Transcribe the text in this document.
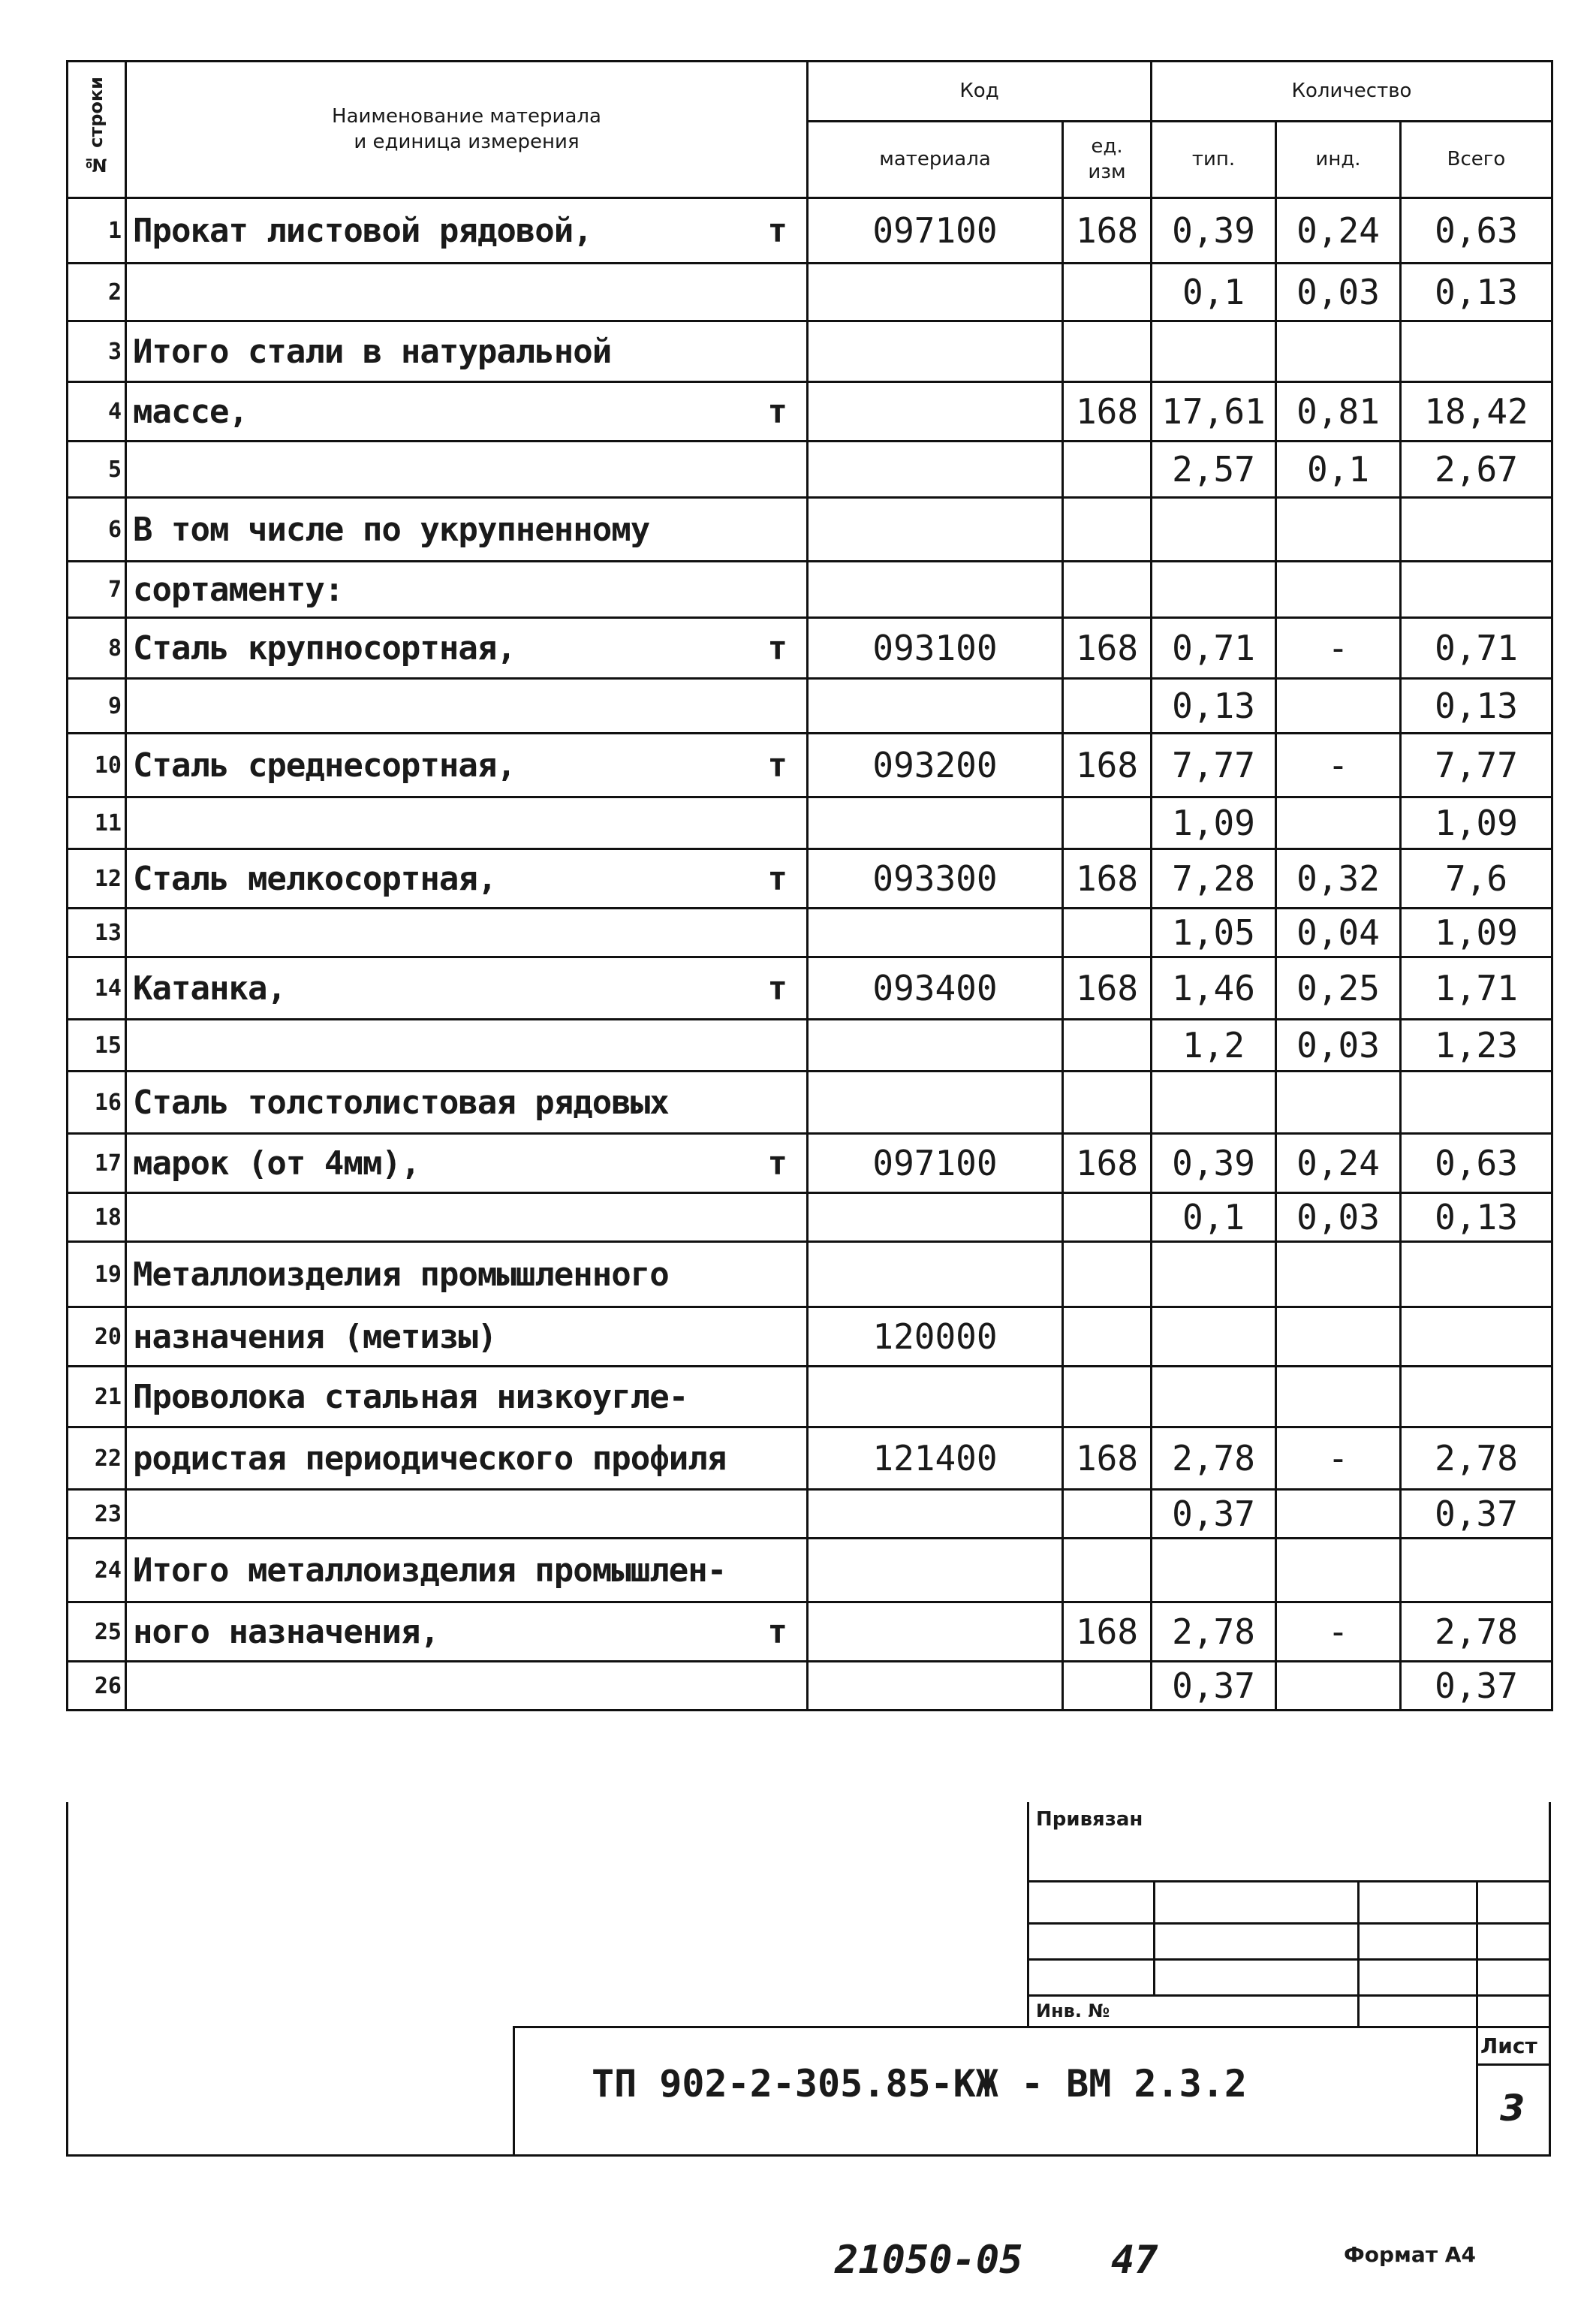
№ строки	Наименование материала
и единица измерения	Код		Количество		
		материала	ед. изм	тип.	инд.	Всего
1	Прокат листовой рядовой, т	097100	168	0,39	0,24	0,63
2				0,1	0,03	0,13
3	Итого стали в натуральной

4	массе, т		168	17,61	0,81	18,42
5				2,57	0,1	2,67
6	В том числе по укрупненному

7	сортаменту:

8	Сталь крупносортная, т	093100	168	0,71	-	0,71
9				0,13		0,13
10	Сталь среднесортная, т	093200	168	7,77	-	7,77
11				1,09		1,09
12	Сталь мелкосортная, т	093300	168	7,28	0,32	7,6
13				1,05	0,04	1,09
14	Катанка, т	093400	168	1,46	0,25	1,71
15				1,2	0,03	1,23
16	Сталь толстолистовая рядовых

17	марок (от 4мм), т	097100	168	0,39	0,24	0,63
18				0,1	0,03	0,13
19	Металлоизделия промышленного

20	назначения (метизы)	120000				
21	Проволока стальная низкоугле-

22	родистая периодического профиля	121400	168	2,78	-	2,78
23				0,37		0,37
24	Итого металлоизделия промышлен-

25	ного назначения, т		168	2,78	-	2,78
26				0,37		0,37
Привязан
Инв. №
ТП 902-2-305.85-КЖ - ВМ 2.3.2
Лист
3
21050-05 47	Формат А4
